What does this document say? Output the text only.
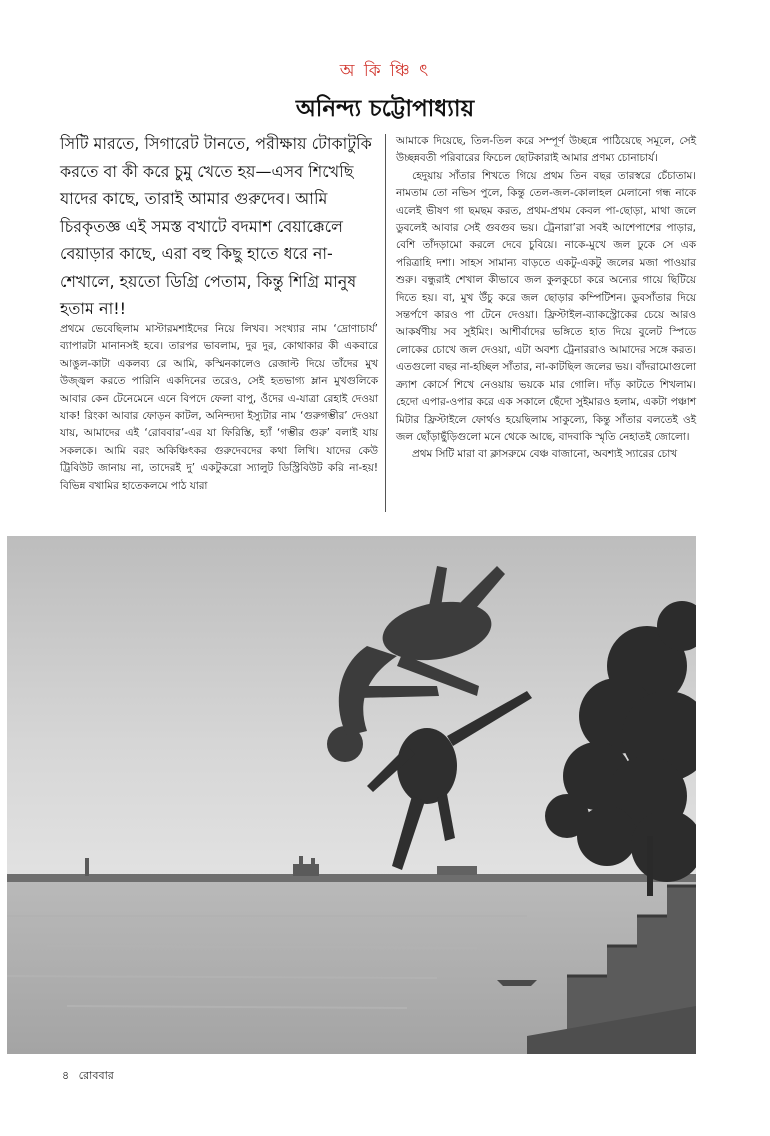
অ কি ঞ্চি ৎ
অনিন্দ্য চট্টোপাধ্যায়
সিটি মারতে, সিগারেট টানতে, পরীক্ষায় টোকাটুকি করতে বা কী করে চুমু খেতে হয়—এসব শিখেছি যাদের কাছে, তারাই আমার গুরুদেব। আমি চিরকৃতজ্ঞ এই সমস্ত বখাটে বদমাশ বেয়াক্কেলে বেয়াড়ার কাছে, এরা বহু কিছু হাতে ধরে না-শেখালে, হয়তো ডিগ্রি পেতাম, কিন্তু শিগ্রি মানুষ হতাম না!!
প্রথমে ভেবেছিলাম মাস্টারমশাইদের নিয়ে লিখব। সংখ্যার নাম ‘দ্রোণাচার্য’ ব্যাপারটা মানানসই হবে। তারপর ভাবলাম, দুর দুর, কোথাকার কী একবারে আঙুল-কাটা একলব্য রে আমি, কস্মিনকালেও রেজাল্ট দিয়ে তাঁদের মুখ উজ্জ্বল করতে পারিনি একদিনের তরেও, সেই হতভাগ্য ম্লান মুখগুলিকে আবার কেন টেনেমেনে এনে বিপদে ফেলা বাপু, ওঁদের এ-যাত্রা রেহাই দেওয়া যাক! রিংকা আবার ফোড়ন কাটল, অনিন্দ্যদা ইস্যুটার নাম ‘গুরুগম্ভীর’ দেওয়া যায়, আমাদের এই ‘রোববার’-এর যা ফিরিস্তি, হ্যাঁ ‘গম্ভীর গুরু’ বলাই যায় সকলকে। আমি বরং অকিঞ্চিৎকর গুরুদেবদের কথা লিখি। যাদের কেউ ট্রিবিউট জানায় না, তাদেরই দু’ একটুকরো স্যালুট ডিস্ট্রিবিউট করি না-হয়! বিভিন্ন বখামির হাতেকলমে পাঠ যারা

আমাকে দিয়েছে, তিল-তিল করে সম্পূর্ণ উচ্ছন্নে পাঠিয়েছে সমূলে, সেই উচ্ছন্নবতী পরিবারের ফিচেল ছোটকারাই আমার প্রণম্য চোনাচার্য।

হেদুয়ায় সাঁতার শিখতে গিয়ে প্রথম তিন বছর তারস্বরে চেঁচাতাম। নামতাম তো নভিস পুলে, কিন্তু তেল-জল-কোলাহল মেলানো গন্ধ নাকে এলেই ভীষণ গা ছমছম করত, প্রথম-প্রথম কেবল পা-ছোড়া, মাথা জলে ডুবলেই আবার সেই গুবগুব ভয়। ট্রেনারা’রা সবই আশেপাশের পাড়ার, বেশি তাঁদড়ামো করলে দেবে চুবিয়ে। নাকে-মুখে জল ঢুকে সে এক পরিত্রাহি দশা। সাহস সামান্য বাড়তে একটু-একটু জলের মজা পাওয়ার শুরু। বন্ধুরাই শেখাল কীভাবে জল কুলকুচো করে অন্যের গায়ে ছিটিয়ে দিতে হয়। বা, মুখ উঁচু করে জল ছোড়ার কম্পিটিশন। ডুবসাঁতার দিয়ে সন্তর্পণে কারও পা টেনে দেওয়া। ফ্রিস্টাইল-ব্যাকস্ট্রোকের চেয়ে আরও আকর্ষণীয় সব সুইমিং। আশীর্বাদের ভঙ্গিতে হাত দিয়ে বুলেট স্পিডে লোকের চোখে জল দেওয়া, এটা অবশ্য ট্রেনাররাও আমাদের সঙ্গে করত। এতগুলো বছর না-হচ্ছিল সাঁতার, না-কাটছিল জলের ভয়। বাঁদরামোগুলো ক্র্যাশ কোর্সে শিখে নেওয়ায় ভয়কে মার গোলি। দাঁড় কাটতে শিখলাম। হেদো এপার-ওপার করে এক সকালে ছেঁদো সুইমারও হলাম, একটা পঞ্চাশ মিটার ফ্রিস্টাইলে ফোর্থও হয়েছিলাম সাকুল্যে, কিন্তু সাঁতার বলতেই ওই জল ছোঁড়াছুঁড়িগুলো মনে থেকে আছে, বাদবাকি স্মৃতি নেহাতই জোলো।

প্রথম সিটি মারা বা ক্লাসরুমে বেঞ্চ বাজানো, অবশ্যই স্যারের চোখ

৪ রোববার
